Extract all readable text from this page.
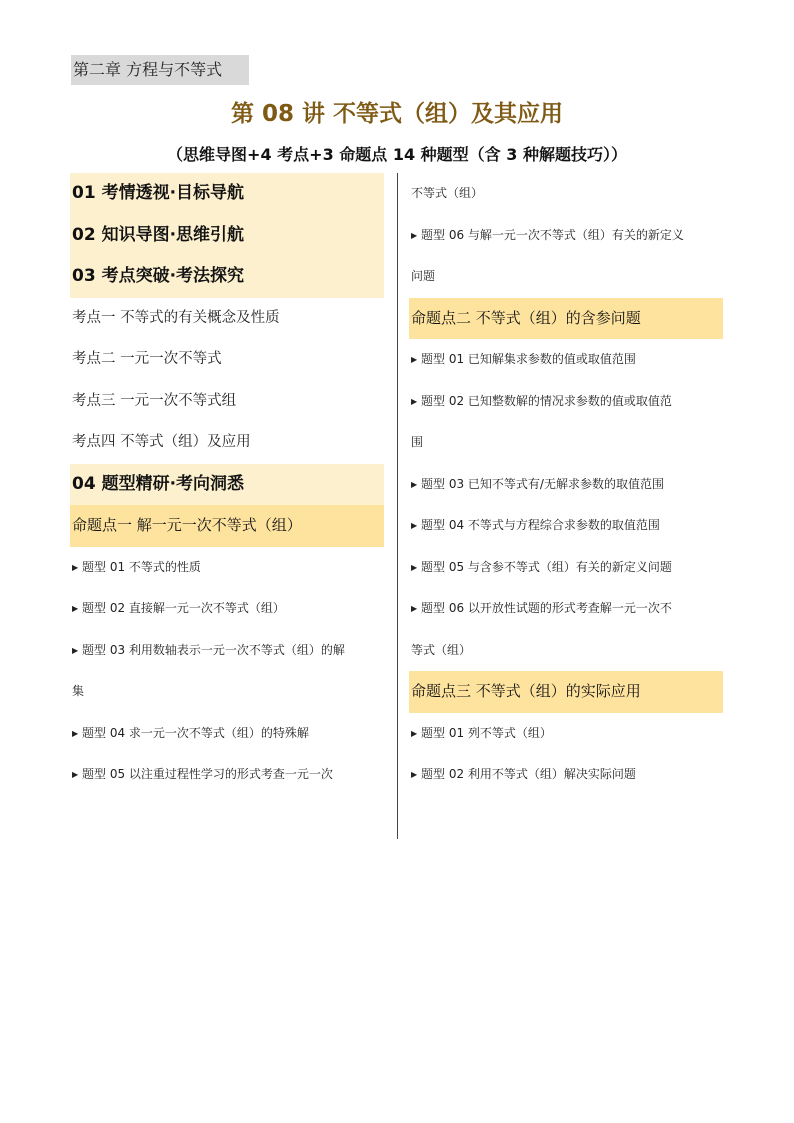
第二章 方程与不等式
第 08 讲 不等式（组）及其应用
（思维导图+4 考点+3 命题点 14 种题型（含 3 种解题技巧））
01 考情透视·目标导航
02 知识导图·思维引航
03 考点突破·考法探究
考点一 不等式的有关概念及性质
考点二 一元一次不等式
考点三 一元一次不等式组
考点四 不等式（组）及应用
04 题型精研·考向洞悉
命题点一 解一元一次不等式（组）
▶ 题型 01 不等式的性质
▶ 题型 02 直接解一元一次不等式（组）
▶ 题型 03 利用数轴表示一元一次不等式（组）的解
集
▶ 题型 04 求一元一次不等式（组）的特殊解
▶ 题型 05 以注重过程性学习的形式考查一元一次
不等式（组）
▶ 题型 06 与解一元一次不等式（组）有关的新定义
问题
命题点二 不等式（组）的含参问题
▶ 题型 01 已知解集求参数的值或取值范围
▶ 题型 02 已知整数解的情况求参数的值或取值范
围
▶ 题型 03 已知不等式有/无解求参数的取值范围
▶ 题型 04 不等式与方程综合求参数的取值范围
▶ 题型 05 与含参不等式（组）有关的新定义问题
▶ 题型 06 以开放性试题的形式考查解一元一次不
等式（组）
命题点三 不等式（组）的实际应用
▶ 题型 01 列不等式（组）
▶ 题型 02 利用不等式（组）解决实际问题
